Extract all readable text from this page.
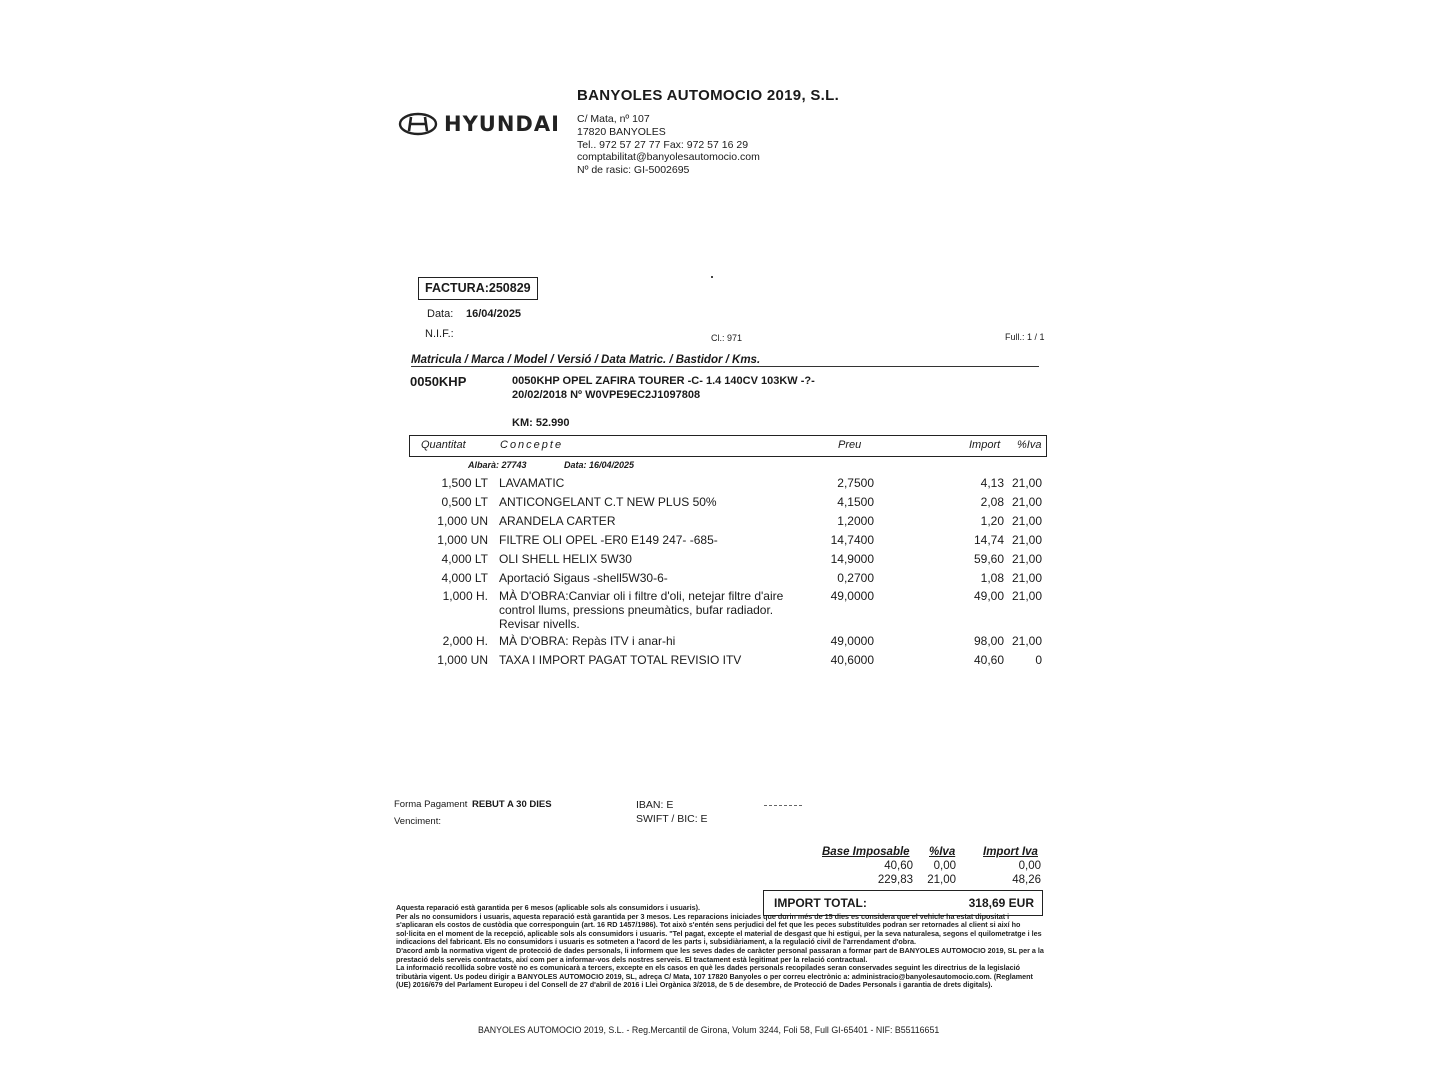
HYUNDAI
BANYOLES AUTOMOCIO 2019, S.L.
C/ Mata, nº 107
17820 BANYOLES
Tel.. 972 57 27 77 Fax: 972 57 16 29
comptabilitat@banyolesautomocio.com
Nº de rasic: GI-5002695
FACTURA:250829
Data: 16/04/2025
N.I.F.:	Cl.: 971	Full.: 1 / 1
Matricula / Marca / Model / Versió / Data Matric. / Bastidor / Kms.
0050KHP	0050KHP OPEL ZAFIRA TOURER -C- 1.4 140CV 103KW -?-
20/02/2018 Nº W0VPE9EC2J1097808
KM: 52.990
Quantitat	Concepte	Preu	Import %Iva
Albarà: 27743	Data: 16/04/2025
1,500 LT LAVAMATIC	2,7500	4,13 21,00
0,500 LT ANTICONGELANT C.T NEW PLUS 50%	4,1500	2,08 21,00
1,000 UN ARANDELA CARTER	1,2000	1,20 21,00
1,000 UN FILTRE OLI OPEL -ER0 E149 247- -685-	14,7400	14,74 21,00
4,000 LT OLI SHELL HELIX 5W30	14,9000	59,60 21,00
4,000 LT Aportació Sigaus -shell5W30-6-	0,2700	1,08 21,00
1,000 H. MÀ D'OBRA:Canviar oli i filtre d'oli, netejar filtre d'aire
control llums, pressions pneumàtics, bufar radiador.
Revisar nivells.
49,0000	49,00 21,00
2,000 H. MÀ D'OBRA: Repàs ITV i anar-hi	49,0000	98,00 21,00
1,000 UN TAXA I IMPORT PAGAT TOTAL REVISIO ITV	40,6000	40,60	0
Forma Pagament REBUT A 30 DIES
Venciment:
IBAN: E
SWIFT / BIC: E
Base Imposable %Iva Import Iva
40,60 0,00	0,00
229,83 21,00	48,26
IMPORT TOTAL:	318,69 EUR

Aquesta reparació està garantida per 6 mesos (aplicable sols als consumidors i usuaris).

Per als no consumidors i usuaris, aquesta reparació està garantida per 3 mesos. Les reparacions iniciades que durin més de 15 dies es considera que el vehicle ha estat dipositat i s'aplicaran els costos de custòdia que corresponguin (art. 16 RD 1457/1986). Tot això s'entén sens perjudici del fet que les peces substituïdes podran ser retornades al client si així ho sol·licita en el moment de la recepció, aplicable sols als consumidors i usuaris. "Tel pagat, excepte el material de desgast que hi estigui, per la seva naturalesa, segons el quilometratge i les indicacions del fabricant. Els no consumidors i usuaris es sotmeten a l'acord de les parts i, subsidiàriament, a la regulació civil de l'arrendament d'obra.

D'acord amb la normativa vigent de protecció de dades personals, li informem que les seves dades de caràcter personal passaran a formar part de BANYOLES AUTOMOCIO 2019, SL per a la prestació dels serveis contractats, així com per a informar-vos dels nostres serveis. El tractament està legitimat per la relació contractual.

La informació recollida sobre vostè no es comunicarà a tercers, excepte en els casos en què les dades personals recopilades seran conservades seguint les directrius de la legislació tributària vigent. Us podeu dirigir a BANYOLES AUTOMOCIO 2019, SL, adreça C/ Mata, 107 17820 Banyoles o per correu electrònic a: administracio@banyolesautomocio.com. (Reglament (UE) 2016/679 del Parlament Europeu i del Consell de 27 d'abril de 2016 i Llei Orgànica 3/2018, de 5 de desembre, de Protecció de Dades Personals i garantia de drets digitals).

BANYOLES AUTOMOCIO 2019, S.L. - Reg.Mercantil de Girona, Volum 3244, Foli 58, Full GI-65401 - NIF: B55116651
